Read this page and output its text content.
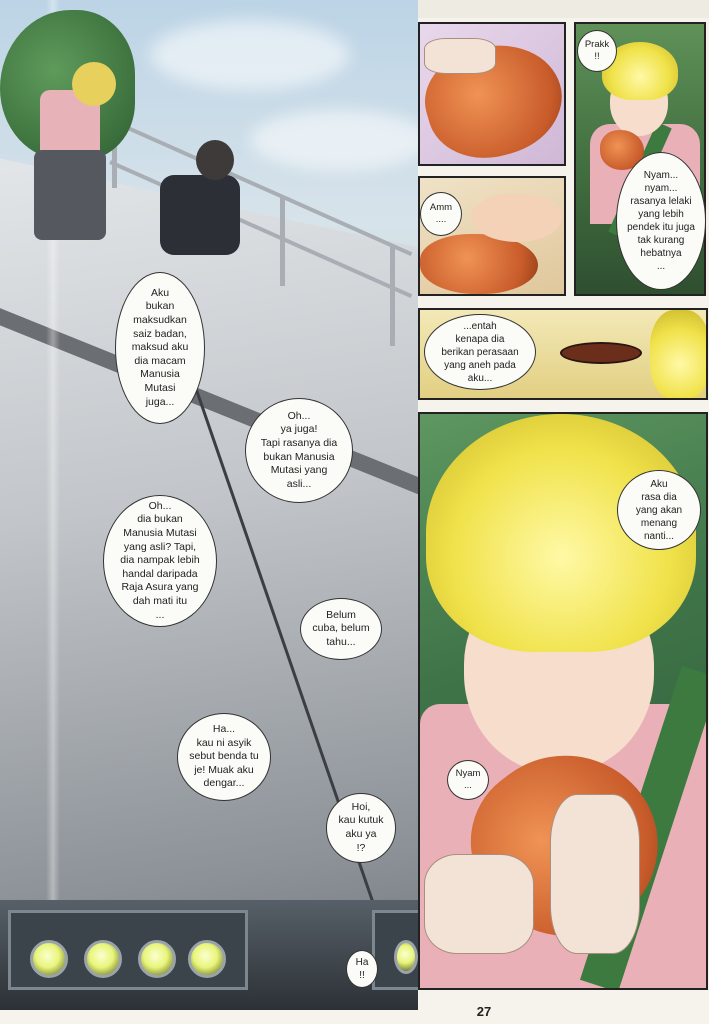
Aku
bukan
maksudkan
saiz badan,
maksud aku
dia macam
Manusia
Mutasi
juga...
Oh...
ya juga!
Tapi rasanya dia
bukan Manusia
Mutasi yang
asli...
Oh...
dia bukan
Manusia Mutasi
yang asli? Tapi,
dia nampak lebih
handal daripada
Raja Asura yang
dah mati itu
...	Belum
cuba, belum
tahu...
Ha...
kau ni asyik
sebut benda tu
je! Muak aku
dengar...
Hoi,
kau kutuk
aku ya
!?
Ha
!!
Prakk
!!
Nyam...
nyam...
rasanya lelaki
yang lebih
pendek itu juga
tak kurang
hebatnya
...
Amm
....
...entah
kenapa dia
berikan perasaan
yang aneh pada
aku...
Aku
rasa dia
yang akan
menang
nanti...
Nyam
...
27
